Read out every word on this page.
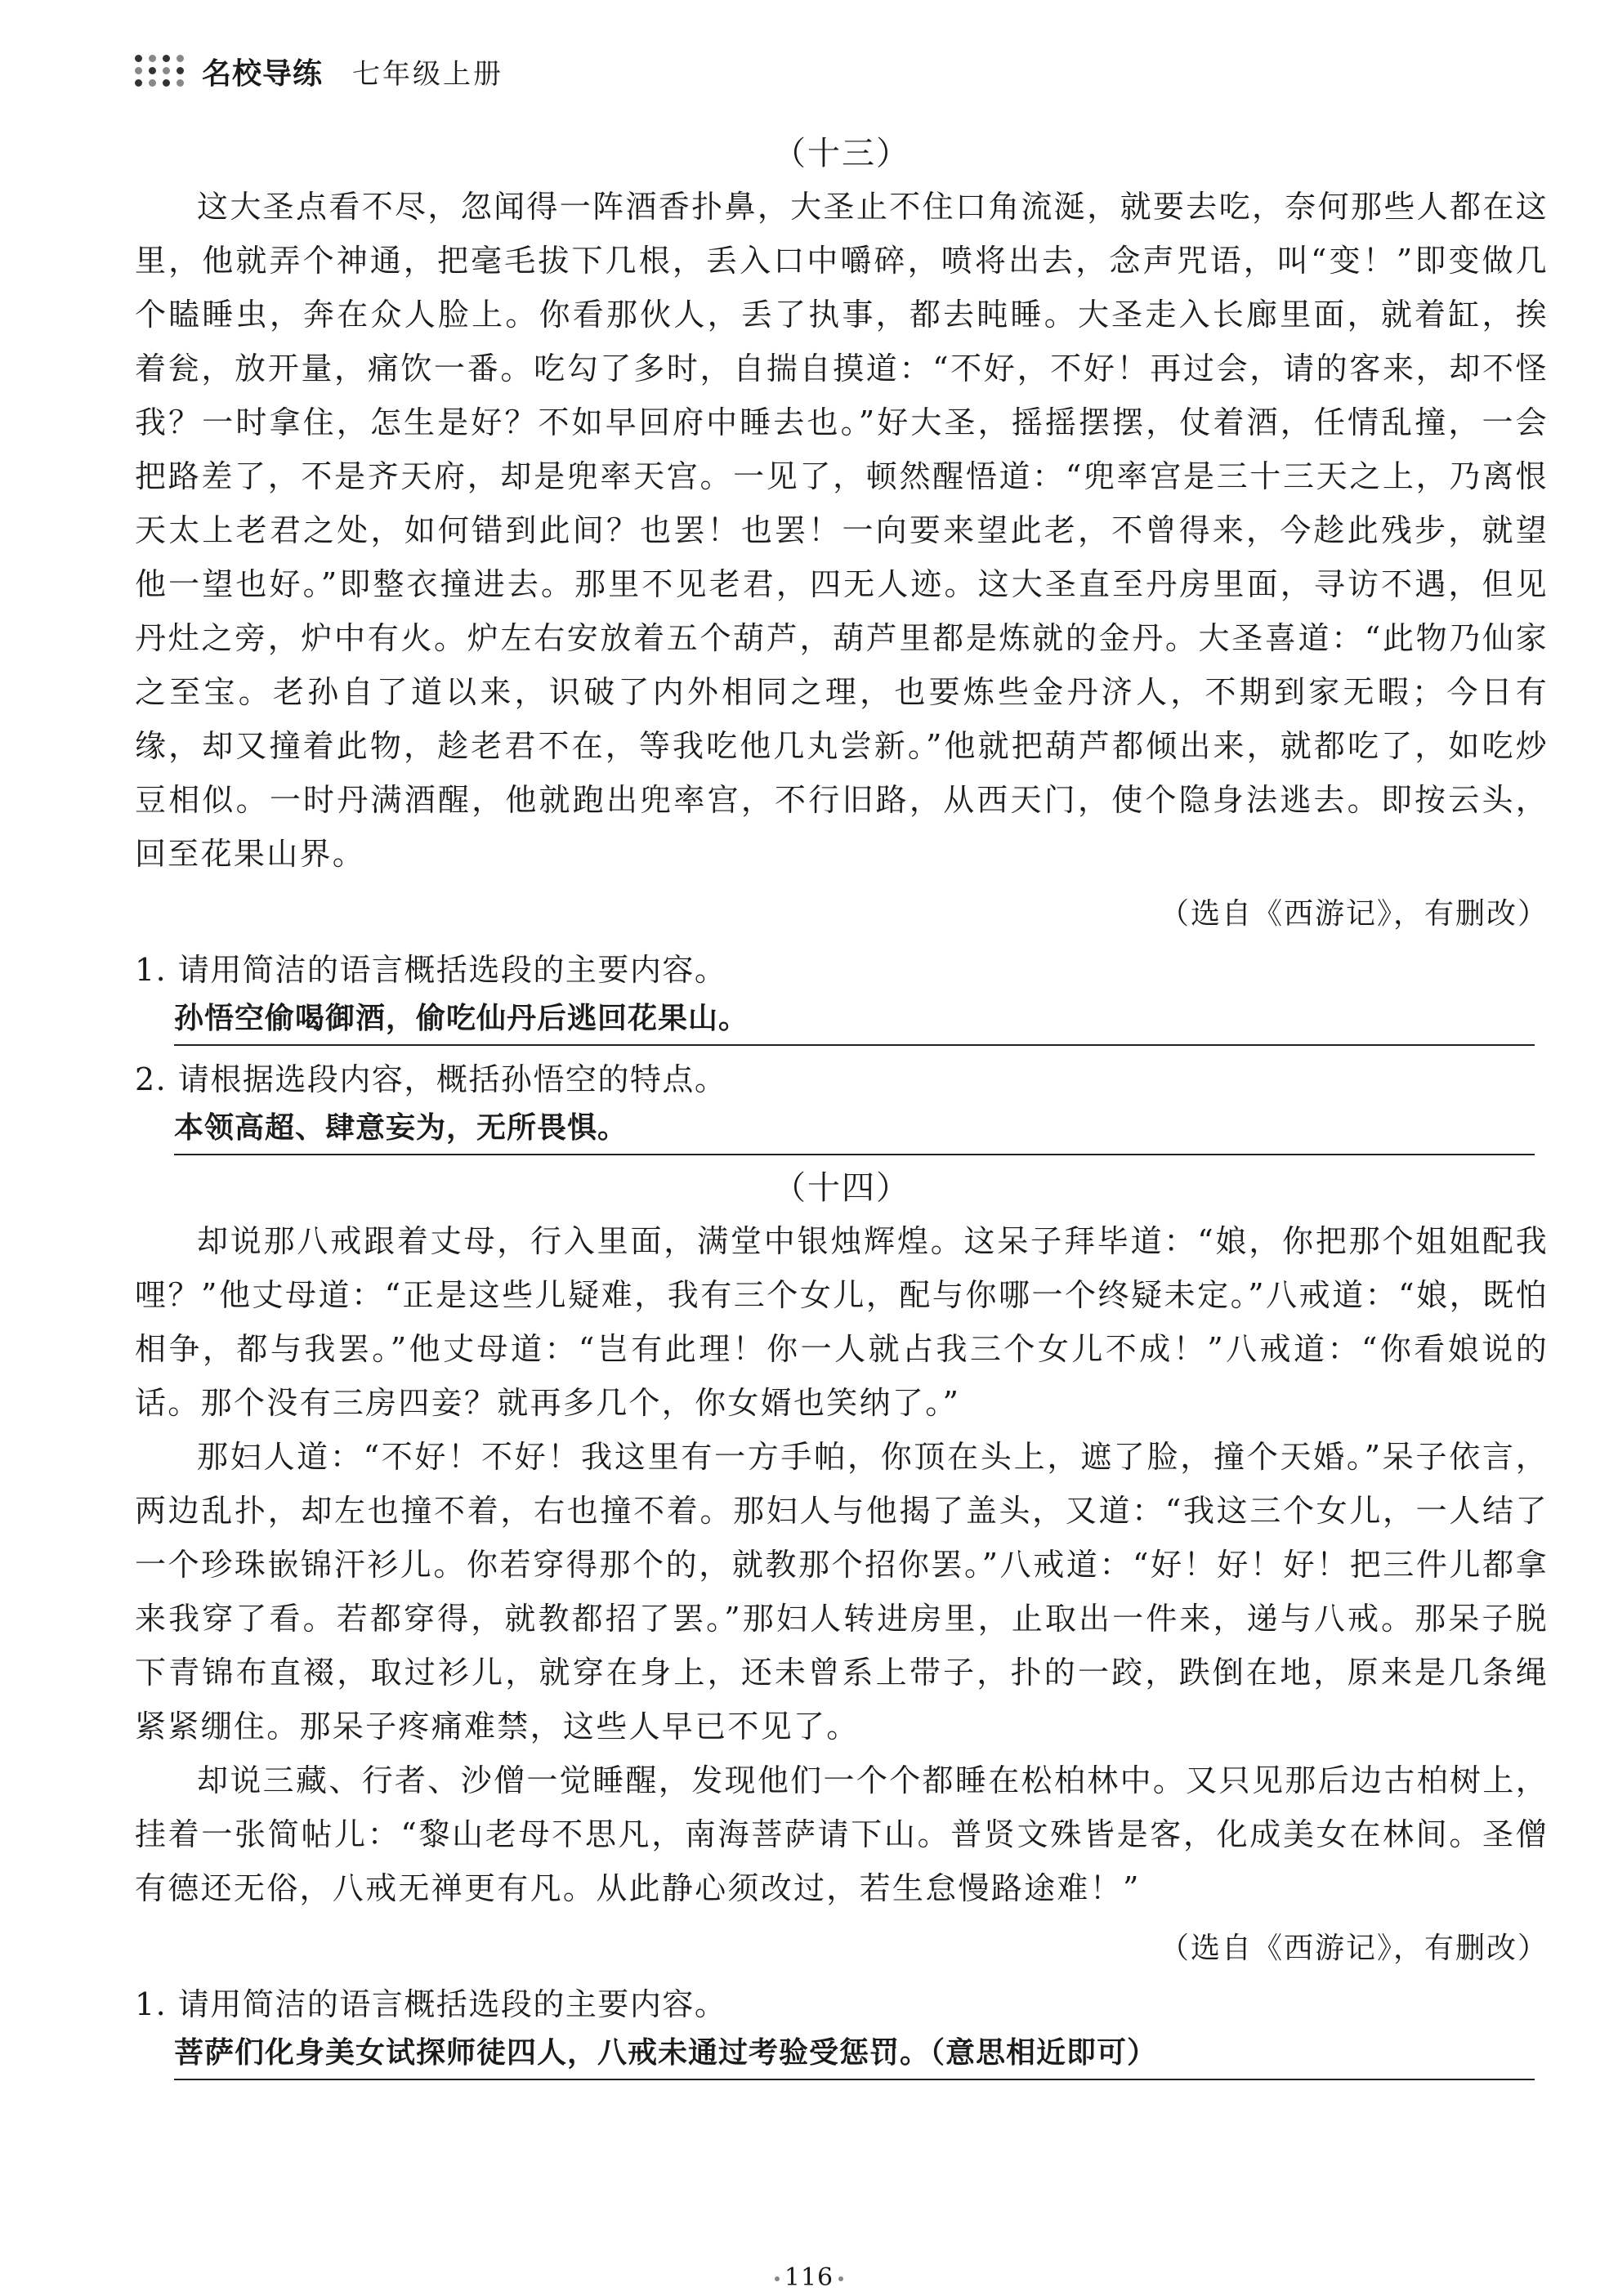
名校导练 七年级上册

（十三）

这大圣点看不尽，忽闻得一阵酒香扑鼻，大圣止不住口角流涎，就要去吃，奈何那些人都在这里，他就弄个神通，把毫毛拔下几根，丢入口中嚼碎，喷将出去，念声咒语，叫“变！”即变做几个瞌睡虫，奔在众人脸上。你看那伙人，丢了执事，都去盹睡。大圣走入长廊里面，就着缸，挨着瓮，放开量，痛饮一番。吃勾了多时，自揣自摸道：“不好，不好！再过会，请的客来，却不怪我？一时拿住，怎生是好？不如早回府中睡去也。”好大圣，摇摇摆摆，仗着酒，任情乱撞，一会把路差了，不是齐天府，却是兜率天宫。一见了，顿然醒悟道：“兜率宫是三十三天之上，乃离恨天太上老君之处，如何错到此间？也罢！也罢！一向要来望此老，不曾得来，今趁此残步，就望他一望也好。”即整衣撞进去。那里不见老君，四无人迹。这大圣直至丹房里面，寻访不遇，但见丹灶之旁，炉中有火。炉左右安放着五个葫芦，葫芦里都是炼就的金丹。大圣喜道：“此物乃仙家之至宝。老孙自了道以来，识破了内外相同之理，也要炼些金丹济人，不期到家无暇；今日有缘，却又撞着此物，趁老君不在，等我吃他几丸尝新。”他就把葫芦都倾出来，就都吃了，如吃炒豆相似。一时丹满酒醒，他就跑出兜率宫，不行旧路，从西天门，使个隐身法逃去。即按云头，回至花果山界。

（选自《西游记》，有删改）

1. 请用简洁的语言概括选段的主要内容。

孙悟空偷喝御酒，偷吃仙丹后逃回花果山。

2. 请根据选段内容，概括孙悟空的特点。

本领高超、肆意妄为，无所畏惧。

（十四）

却说那八戒跟着丈母，行入里面，满堂中银烛辉煌。这呆子拜毕道：“娘，你把那个姐姐配我哩？”他丈母道：“正是这些儿疑难，我有三个女儿，配与你哪一个终疑未定。”八戒道：“娘，既怕相争，都与我罢。”他丈母道：“岂有此理！你一人就占我三个女儿不成！”八戒道：“你看娘说的话。那个没有三房四妾？就再多几个，你女婿也笑纳了。”

那妇人道：“不好！不好！我这里有一方手帕，你顶在头上，遮了脸，撞个天婚。”呆子依言，两边乱扑，却左也撞不着，右也撞不着。那妇人与他揭了盖头，又道：“我这三个女儿，一人结了一个珍珠嵌锦汗衫儿。你若穿得那个的，就教那个招你罢。”八戒道：“好！好！好！把三件儿都拿来我穿了看。若都穿得，就教都招了罢。”那妇人转进房里，止取出一件来，递与八戒。那呆子脱下青锦布直裰，取过衫儿，就穿在身上，还未曾系上带子，扑的一跤，跌倒在地，原来是几条绳紧紧绷住。那呆子疼痛难禁，这些人早已不见了。

却说三藏、行者、沙僧一觉睡醒，发现他们一个个都睡在松柏林中。又只见那后边古柏树上，挂着一张简帖儿：“黎山老母不思凡，南海菩萨请下山。普贤文殊皆是客，化成美女在林间。圣僧有德还无俗，八戒无禅更有凡。从此静心须改过，若生怠慢路途难！”

（选自《西游记》，有删改）

1. 请用简洁的语言概括选段的主要内容。

菩萨们化身美女试探师徒四人，八戒未通过考验受惩罚。（意思相近即可）

116
